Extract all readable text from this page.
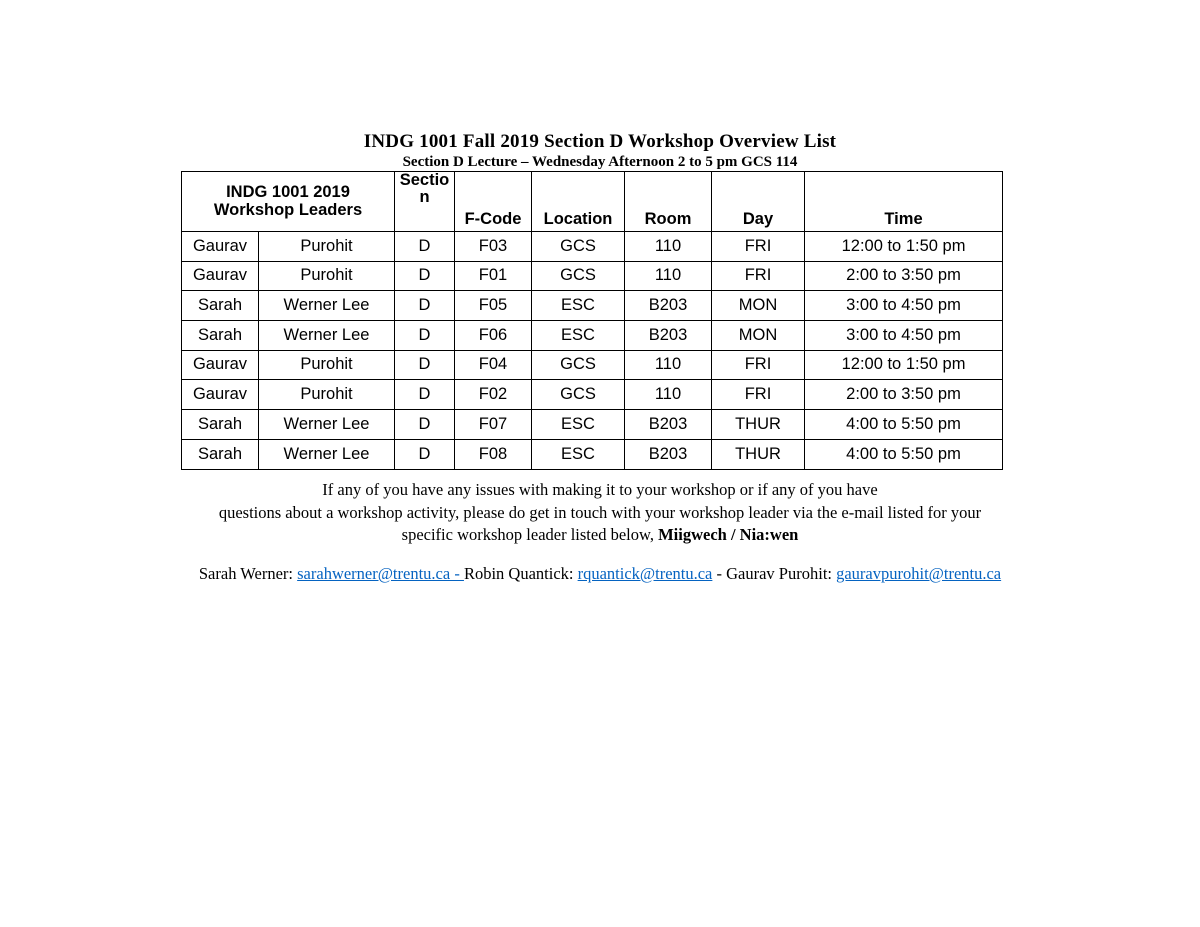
INDG 1001 Fall 2019 Section D Workshop Overview List
Section D Lecture – Wednesday Afternoon 2 to 5 pm GCS 114
INDG 1001 2019
Workshop Leaders		Sectio n	F-Code	Location	Room	Day	Time
Gaurav	Purohit	D	F03	GCS	110	FRI	12:00 to 1:50 pm
Gaurav	Purohit	D	F01	GCS	110	FRI	2:00 to 3:50 pm
Sarah	Werner Lee	D	F05	ESC	B203	MON	3:00 to 4:50 pm
Sarah	Werner Lee	D	F06	ESC	B203	MON	3:00 to 4:50 pm
Gaurav	Purohit	D	F04	GCS	110	FRI	12:00 to 1:50 pm
Gaurav	Purohit	D	F02	GCS	110	FRI	2:00 to 3:50 pm
Sarah	Werner Lee	D	F07	ESC	B203	THUR	4:00 to 5:50 pm
Sarah	Werner Lee	D	F08	ESC	B203	THUR	4:00 to 5:50 pm
If any of you have any issues with making it to your workshop or if any of you have
questions about a workshop activity, please do get in touch with your workshop leader via the e-mail listed for your
specific workshop leader listed below, Miigwech / Nia:wen
Sarah Werner: sarahwerner@trentu.ca - Robin Quantick: rquantick@trentu.ca - Gaurav Purohit: gauravpurohit@trentu.ca
